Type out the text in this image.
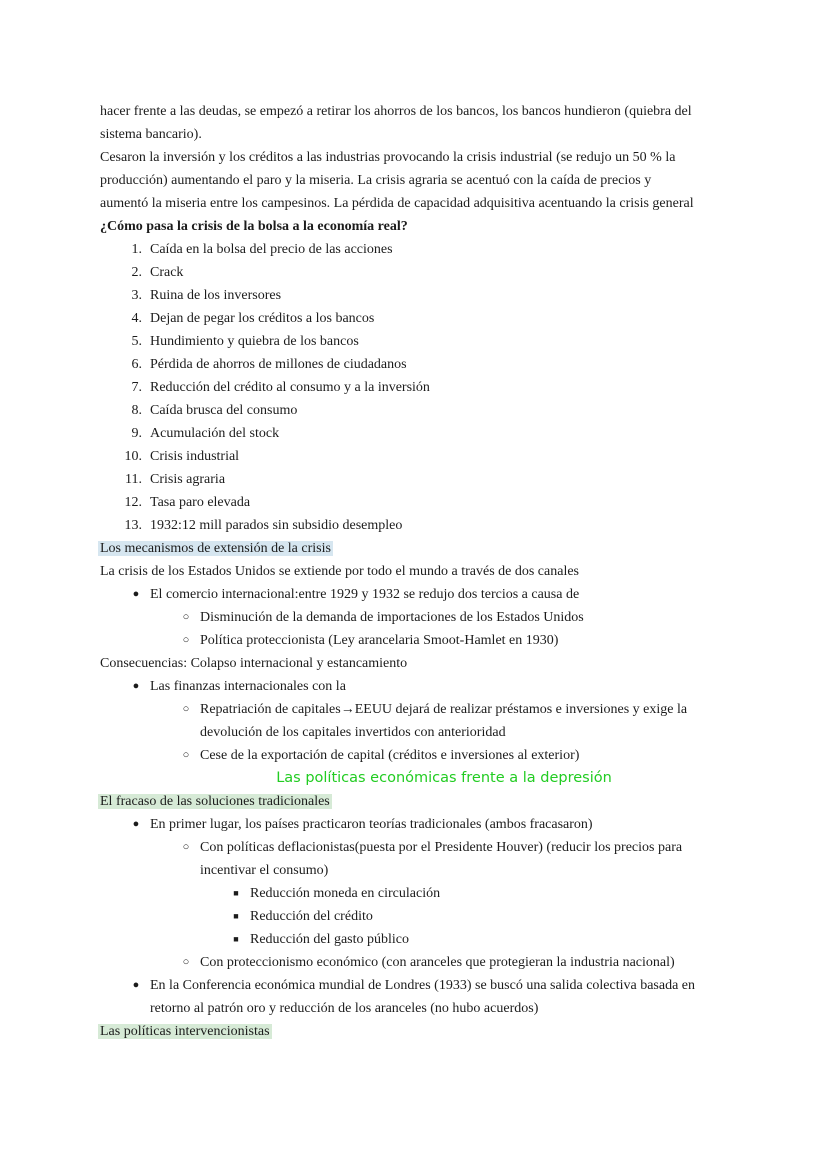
hacer frente a las deudas, se empezó a retirar los ahorros de los bancos, los bancos hundieron (quiebra del
sistema bancario).
Cesaron la inversión y los créditos a las industrias provocando la crisis industrial (se redujo un 50 % la
producción) aumentando el paro y la miseria. La crisis agraria se acentuó con la caída de precios y
aumentó la miseria entre los campesinos. La pérdida de capacidad adquisitiva acentuando la crisis general
¿Cómo pasa la crisis de la bolsa a la economía real?
1. Caída en la bolsa del precio de las acciones
2. Crack
3. Ruina de los inversores
4. Dejan de pegar los créditos a los bancos
5. Hundimiento y quiebra de los bancos
6. Pérdida de ahorros de millones de ciudadanos
7. Reducción del crédito al consumo y a la inversión
8. Caída brusca del consumo
9. Acumulación del stock
10. Crisis industrial
11. Crisis agraria
12. Tasa paro elevada
13. 1932:12 mill parados sin subsidio desempleo
Los mecanismos de extensión de la crisis
La crisis de los Estados Unidos se extiende por todo el mundo a través de dos canales
● El comercio internacional:entre 1929 y 1932 se redujo dos tercios a causa de
○ Disminución de la demanda de importaciones de los Estados Unidos
○ Política proteccionista (Ley arancelaria Smoot-Hamlet en 1930)
Consecuencias: Colapso internacional y estancamiento
● Las finanzas internacionales con la
○ Repatriación de capitales→EEUU dejará de realizar préstamos e inversiones y exige la devolución de los capitales invertidos con anterioridad
○ Cese de la exportación de capital (créditos e inversiones al exterior)
Las políticas económicas frente a la depresión
El fracaso de las soluciones tradicionales
● En primer lugar, los países practicaron teorías tradicionales (ambos fracasaron)
○ Con políticas deflacionistas(puesta por el Presidente Houver) (reducir los precios para incentivar el consumo)
■ Reducción moneda en circulación
■ Reducción del crédito
■ Reducción del gasto público
○ Con proteccionismo económico (con aranceles que protegieran la industria nacional)
● En la Conferencia económica mundial de Londres (1933) se buscó una salida colectiva basada en retorno al patrón oro y reducción de los aranceles (no hubo acuerdos)
Las políticas intervencionistas
